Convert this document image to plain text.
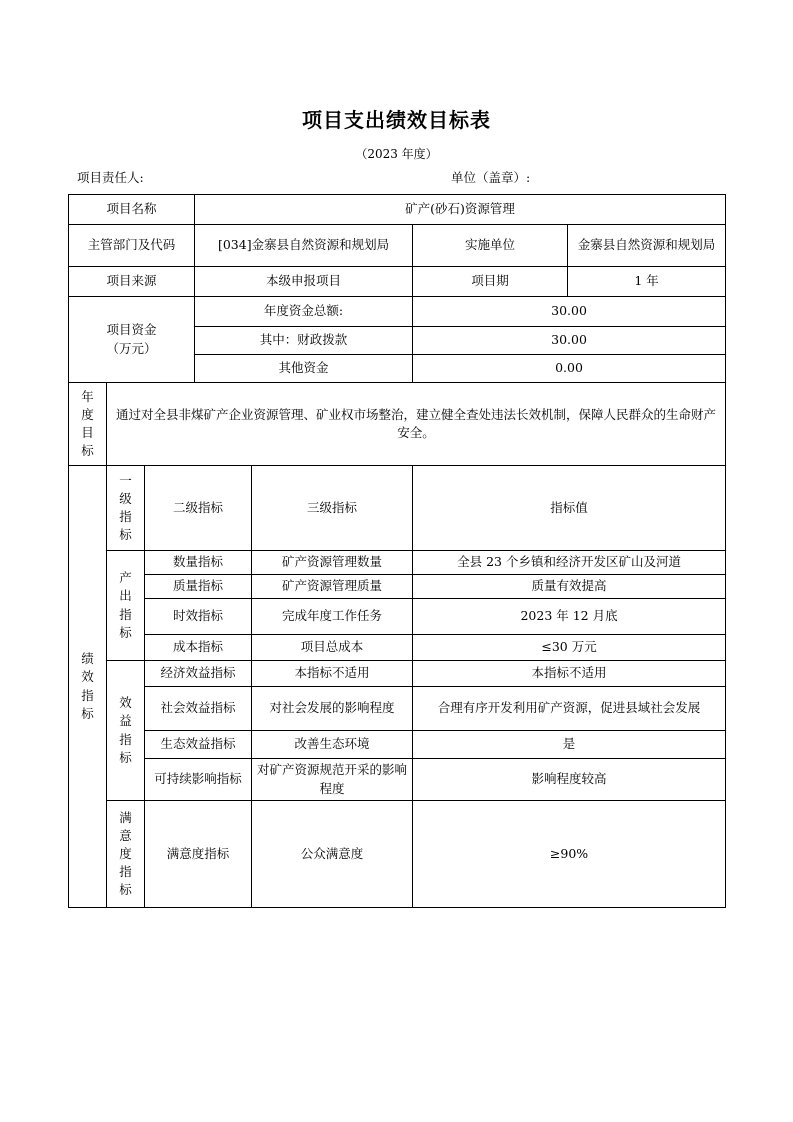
项目支出绩效目标表
（2023 年度）
项目责任人:	单位（盖章）:
项目名称			矿产(砂石)资源管理			
主管部门及代码			[034]金寨县自然资源和规划局		实施单位	金寨县自然资源和规划局
项目来源			本级申报项目		项目期	1 年

项目资金（万元）			年度资金总额:		30.00	
			其中：财政拨款		30.00	
			其他资金		0.00	

年度目标	通过对全县非煤矿产企业资源管理、矿业权市场整治，建立健全查处违法长效机制，保障人民群众的生命财产安全。					

绩效指标	一级指标	二级指标		三级指标	指标值	

	产出指标	数量指标		矿产资源管理数量	全县 23 个乡镇和经济开发区矿山及河道	
		质量指标		矿产资源管理质量	质量有效提高	
		时效指标		完成年度工作任务	2023 年 12 月底	
		成本指标		项目总成本	≤30 万元	

	效益指标	经济效益指标		本指标不适用	本指标不适用	
		社会效益指标		对社会发展的影响程度	合理有序开发利用矿产资源，促进县域社会发展	
		生态效益指标		改善生态环境	是	
		可持续影响指标		对矿产资源规范开采的影响程度	影响程度较高	

	满意度指标	满意度指标		公众满意度	≥90%	
